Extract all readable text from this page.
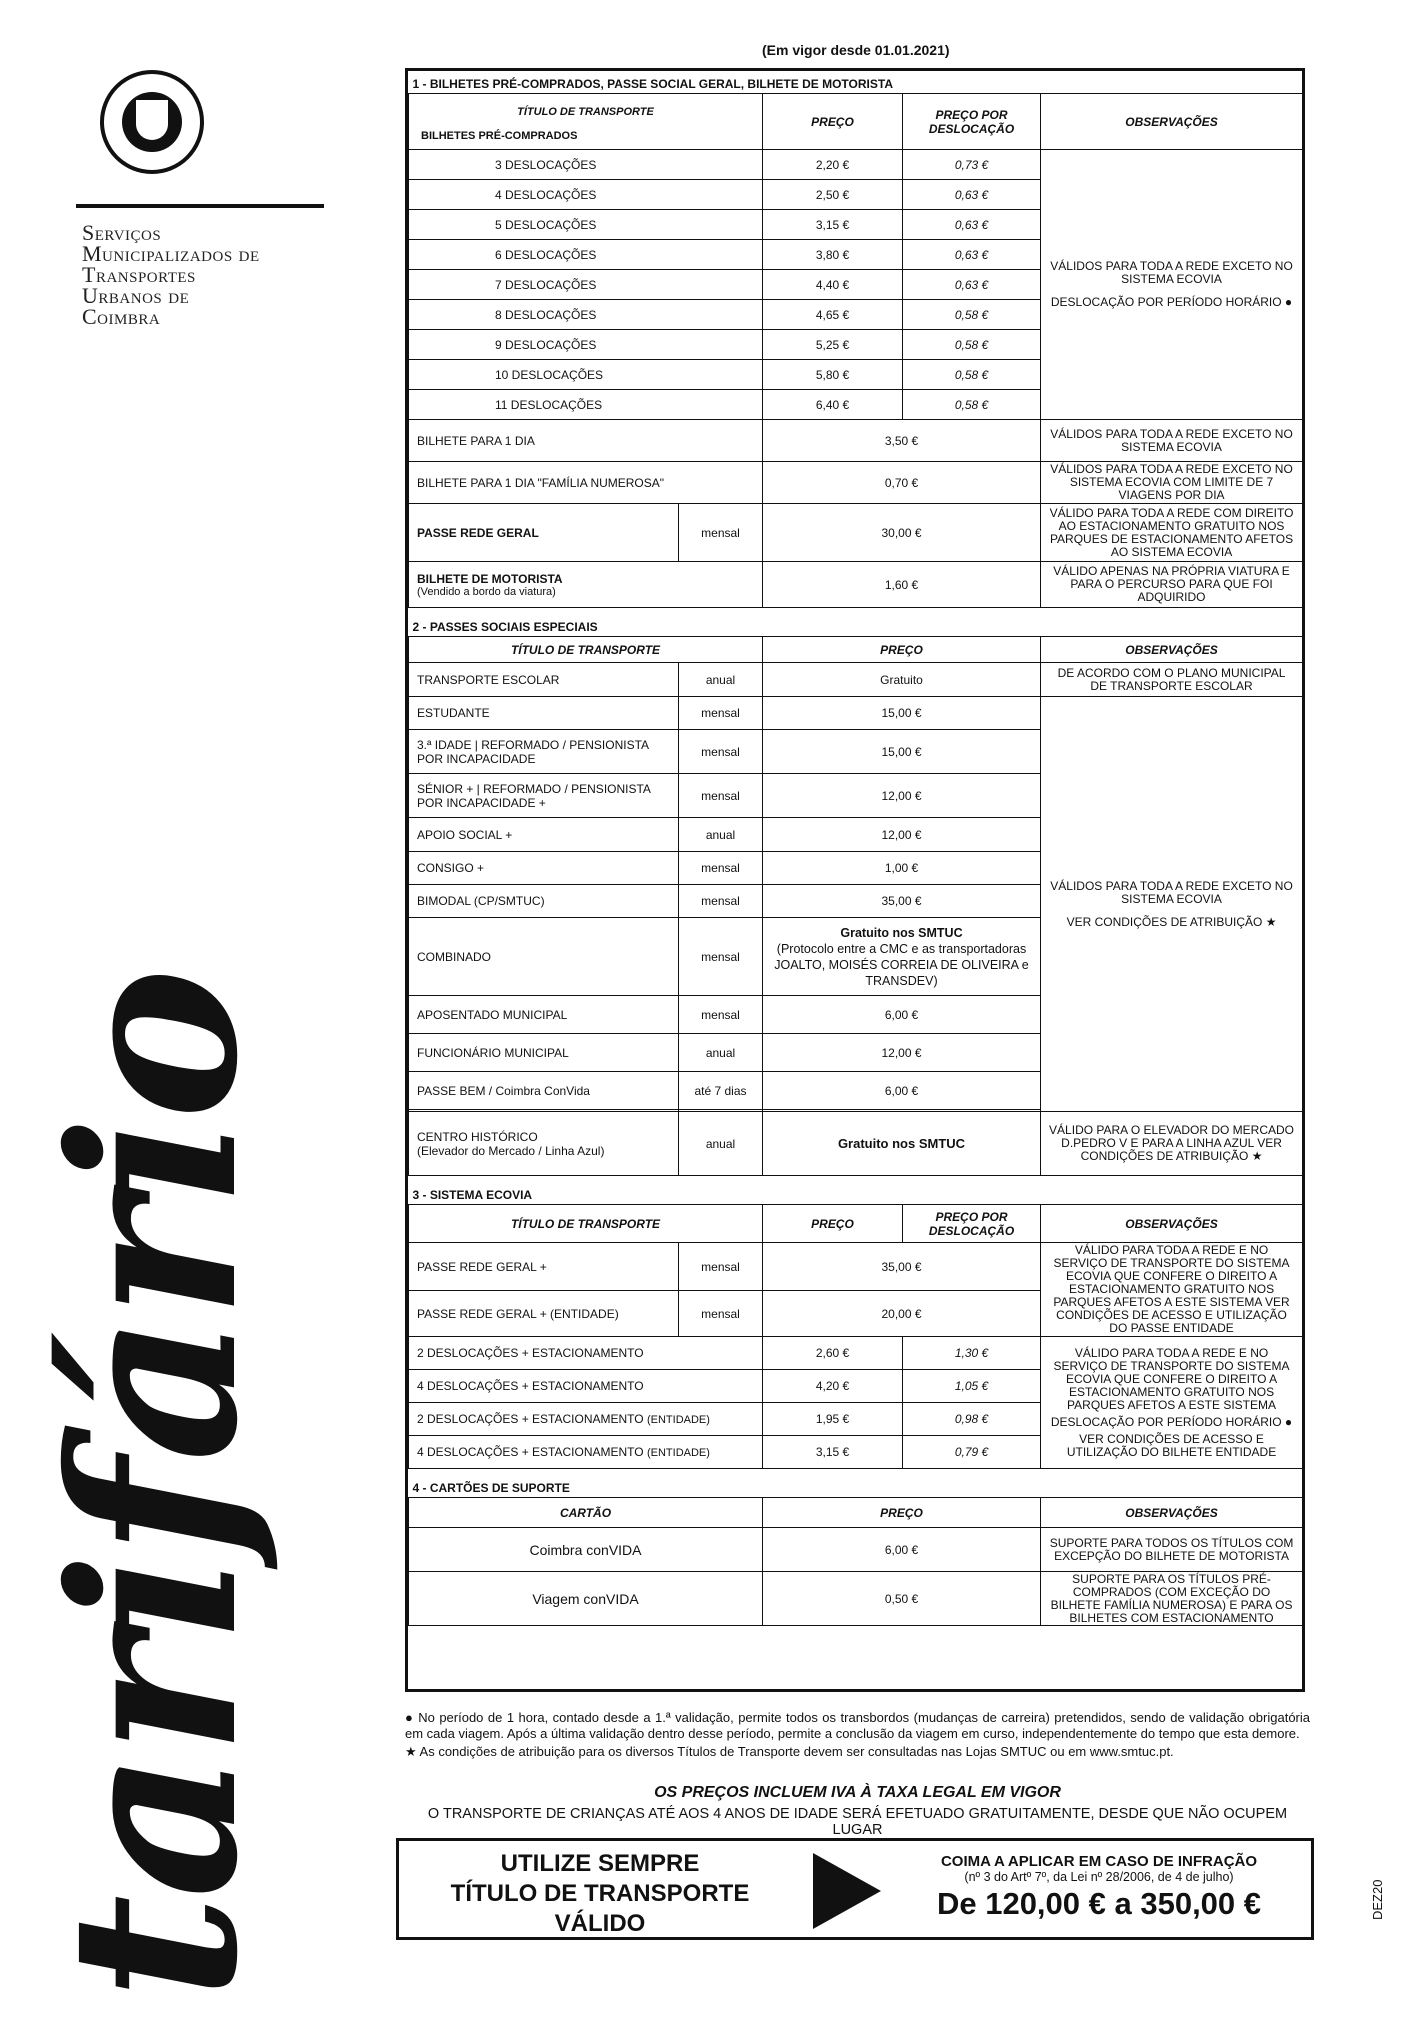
Serviços
Municipalizados de
Transportes
Urbanos de
Coimbra
tarifário
(Em vigor desde 01.01.2021)
1 - BILHETES PRÉ-COMPRADOS, PASSE SOCIAL GERAL, BILHETE DE MOTORISTA				

TÍTULO DE TRANSPORTE
BILHETES PRÉ-COMPRADOS		PREÇO	PREÇO POR DESLOCAÇÃO	OBSERVAÇÕES
3 DESLOCAÇÕES		2,20 €	0,73 €	VÁLIDOS PARA TODA A REDE EXCETO NO SISTEMA ECOVIA
DESLOCAÇÃO POR PERÍODO HORÁRIO ●

4 DESLOCAÇÕES		2,50 €	0,63 €	
5 DESLOCAÇÕES		3,15 €	0,63 €	
6 DESLOCAÇÕES		3,80 €	0,63 €	
7 DESLOCAÇÕES		4,40 €	0,63 €	
8 DESLOCAÇÕES		4,65 €	0,58 €	
9 DESLOCAÇÕES		5,25 €	0,58 €	
10 DESLOCAÇÕES		5,80 €	0,58 €	
11 DESLOCAÇÕES		6,40 €	0,58 €	
BILHETE PARA 1 DIA		3,50 €		VÁLIDOS PARA TODA A REDE EXCETO NO SISTEMA ECOVIA
BILHETE PARA 1 DIA "FAMÍLIA NUMEROSA"		0,70 €		VÁLIDOS PARA TODA A REDE EXCETO NO SISTEMA ECOVIA COM LIMITE DE 7 VIAGENS POR DIA
PASSE REDE GERAL	mensal	30,00 €		VÁLIDO PARA TODA A REDE COM DIREITO AO ESTACIONAMENTO GRATUITO NOS PARQUES DE ESTACIONAMENTO AFETOS AO SISTEMA ECOVIA

BILHETE DE MOTORISTA
(Vendido a bordo da viatura)		1,60 €		VÁLIDO APENAS NA PRÓPRIA VIATURA E PARA O PERCURSO PARA QUE FOI ADQUIRIDO
2 - PASSES SOCIAIS ESPECIAIS				
TÍTULO DE TRANSPORTE		PREÇO		OBSERVAÇÕES
TRANSPORTE ESCOLAR	anual	Gratuito		DE ACORDO COM O PLANO MUNICIPAL DE TRANSPORTE ESCOLAR
ESTUDANTE	mensal	15,00 €		VÁLIDOS PARA TODA A REDE EXCETO NO SISTEMA ECOVIA
VER CONDIÇÕES DE ATRIBUIÇÃO ★

3.ª IDADE | REFORMADO / PENSIONISTA POR INCAPACIDADE	mensal	15,00 €		
SÉNIOR + | REFORMADO / PENSIONISTA POR INCAPACIDADE +	mensal	12,00 €		
APOIO SOCIAL +	anual	12,00 €		
CONSIGO +	mensal	1,00 €		
BIMODAL (CP/SMTUC)	mensal	35,00 €		
COMBINADO	mensal	Gratuito nos SMTUC
(Protocolo entre a CMC e as transportadoras JOALTO, MOISÉS CORREIA DE OLIVEIRA e TRANSDEV)		

APOSENTADO MUNICIPAL	mensal	6,00 €		
FUNCIONÁRIO MUNICIPAL	anual	12,00 €		
PASSE BEM / Coimbra ConVida	até 7 dias	6,00 €		

CENTRO HISTÓRICO
(Elevador do Mercado / Linha Azul)	anual	Gratuito nos SMTUC		VÁLIDO PARA O ELEVADOR DO MERCADO D.PEDRO V E PARA A LINHA AZUL VER CONDIÇÕES DE ATRIBUIÇÃO ★
3 - SISTEMA ECOVIA				
TÍTULO DE TRANSPORTE		PREÇO	PREÇO POR DESLOCAÇÃO	OBSERVAÇÕES
PASSE REDE GERAL +	mensal	35,00 €		VÁLIDO PARA TODA A REDE E NO SERVIÇO DE TRANSPORTE DO SISTEMA ECOVIA QUE CONFERE O DIREITO A ESTACIONAMENTO GRATUITO NOS PARQUES AFETOS A ESTE SISTEMA VER CONDIÇÕES DE ACESSO E UTILIZAÇÃO DO PASSE ENTIDADE
PASSE REDE GERAL + (ENTIDADE)	mensal	20,00 €		
2 DESLOCAÇÕES + ESTACIONAMENTO		2,60 €	1,30 €	VÁLIDO PARA TODA A REDE E NO SERVIÇO DE TRANSPORTE DO SISTEMA ECOVIA QUE CONFERE O DIREITO A ESTACIONAMENTO GRATUITO NOS PARQUES AFETOS A ESTE SISTEMA
DESLOCAÇÃO POR PERÍODO HORÁRIO ●
VER CONDIÇÕES DE ACESSO E UTILIZAÇÃO DO BILHETE ENTIDADE

4 DESLOCAÇÕES + ESTACIONAMENTO		4,20 €	1,05 €	
2 DESLOCAÇÕES + ESTACIONAMENTO (ENTIDADE)		1,95 €	0,98 €	
4 DESLOCAÇÕES + ESTACIONAMENTO (ENTIDADE)		3,15 €	0,79 €	
4 - CARTÕES DE SUPORTE				
CARTÃO		PREÇO		OBSERVAÇÕES
Coimbra conVIDA		6,00 €		SUPORTE PARA TODOS OS TÍTULOS COM EXCEPÇÃO DO BILHETE DE MOTORISTA
Viagem conVIDA		0,50 €		SUPORTE PARA OS TÍTULOS PRÉ-COMPRADOS (COM EXCEÇÃO DO BILHETE FAMÍLIA NUMEROSA) E PARA OS BILHETES COM ESTACIONAMENTO
● No período de 1 hora, contado desde a 1.ª validação, permite todos os transbordos (mudanças de carreira) pretendidos, sendo de validação obrigatória em cada viagem. Após a última validação dentro desse período, permite a conclusão da viagem em curso, independentemente do tempo que esta demore.
★ As condições de atribuição para os diversos Títulos de Transporte devem ser consultadas nas Lojas SMTUC ou em www.smtuc.pt.
OS PREÇOS INCLUEM IVA À TAXA LEGAL EM VIGOR
O TRANSPORTE DE CRIANÇAS ATÉ AOS 4 ANOS DE IDADE SERÁ EFETUADO GRATUITAMENTE, DESDE QUE NÃO OCUPEM LUGAR
UTILIZE SEMPRE
TÍTULO DE TRANSPORTE
VÁLIDO
COIMA A APLICAR EM CASO DE INFRAÇÃO
(nº 3 do Artº 7º, da Lei nº 28/2006, de 4 de julho)
De 120,00 € a 350,00 €	DEZ20
